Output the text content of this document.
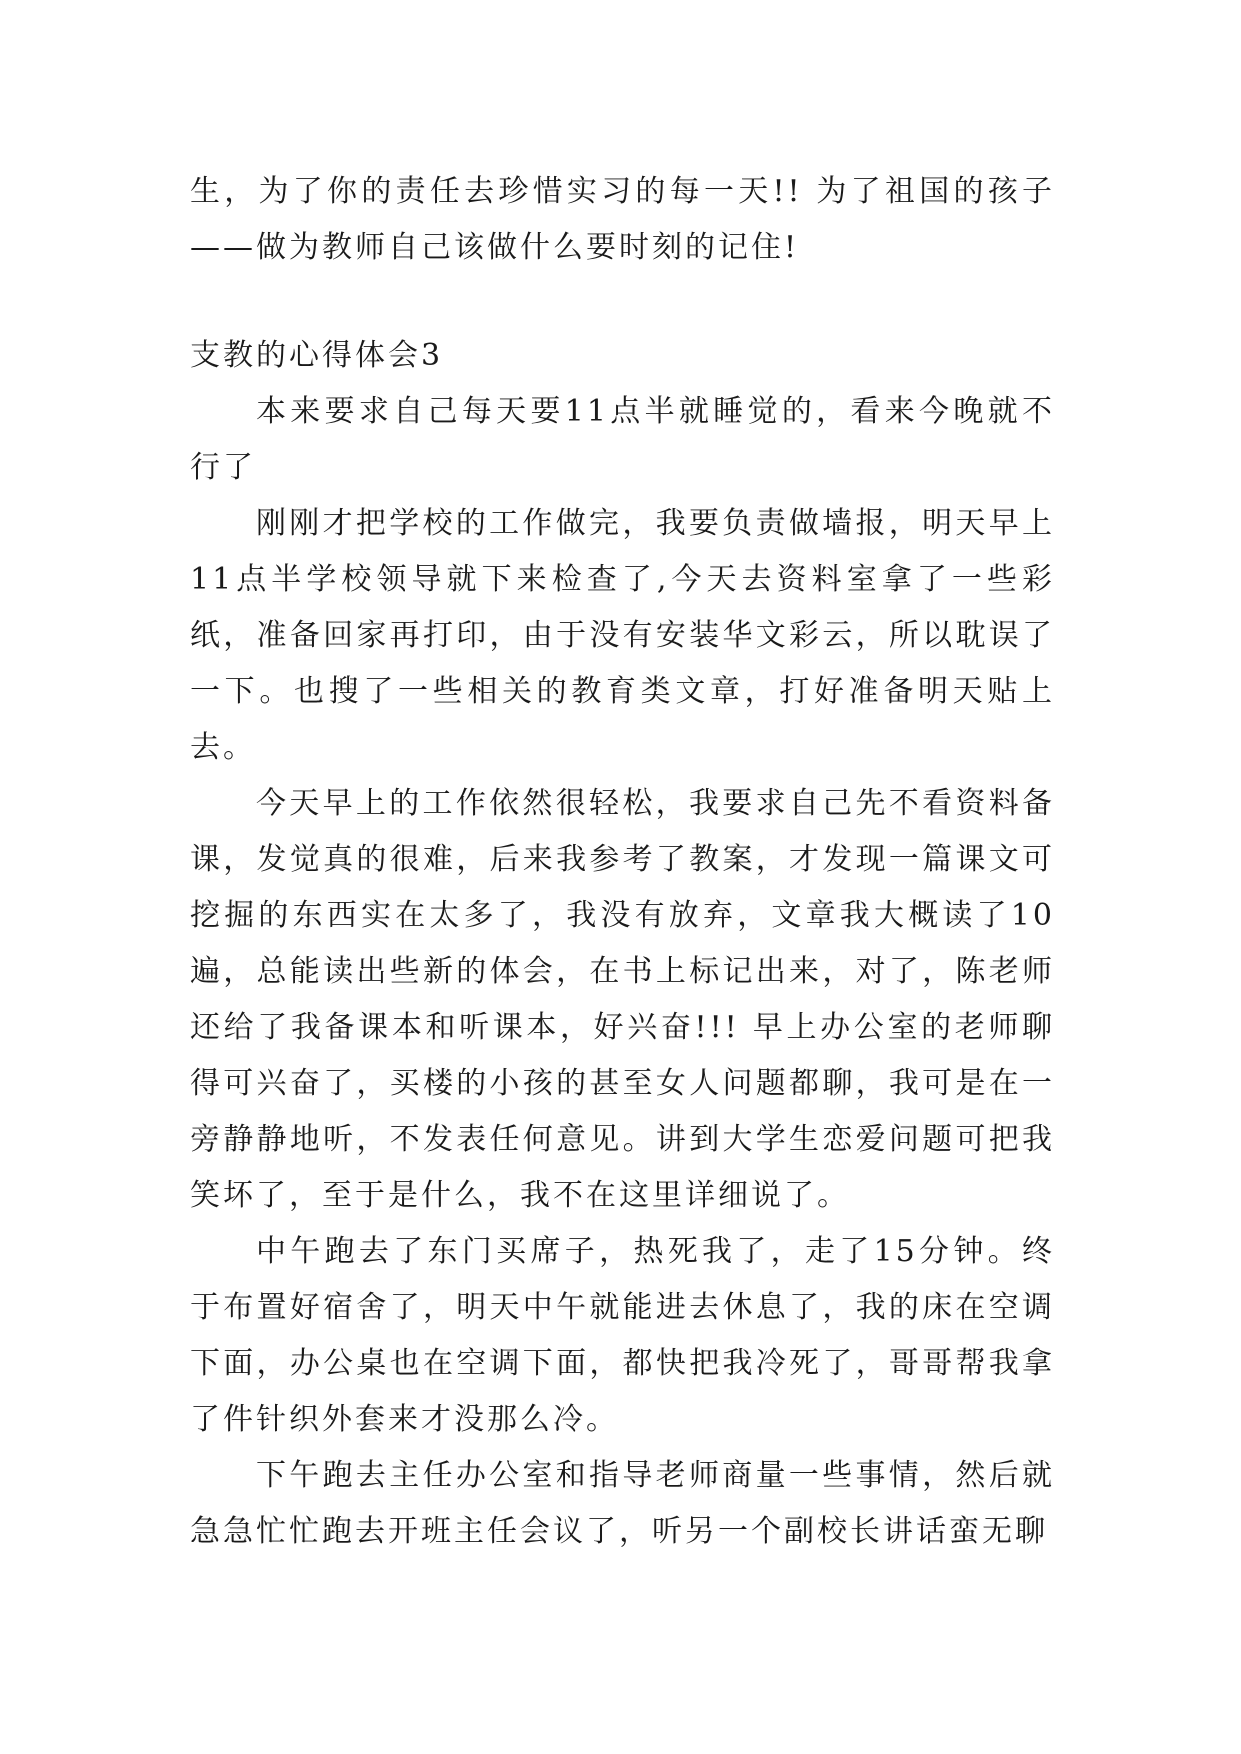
生，为了你的责任去珍惜实习的每一天!! 为了祖国的孩子——做为教师自己该做什么要时刻的记住!

支教的心得体会3

本来要求自己每天要11点半就睡觉的，看来今晚就不行了

刚刚才把学校的工作做完，我要负责做墙报，明天早上11点半学校领导就下来检查了,今天去资料室拿了一些彩纸，准备回家再打印，由于没有安装华文彩云，所以耽误了一下。也搜了一些相关的教育类文章，打好准备明天贴上去。

今天早上的工作依然很轻松，我要求自己先不看资料备课，发觉真的很难，后来我参考了教案，才发现一篇课文可挖掘的东西实在太多了，我没有放弃，文章我大概读了10遍，总能读出些新的体会，在书上标记出来，对了，陈老师还给了我备课本和听课本，好兴奋!!! 早上办公室的老师聊得可兴奋了，买楼的小孩的甚至女人问题都聊，我可是在一旁静静地听，不发表任何意见。讲到大学生恋爱问题可把我笑坏了，至于是什么，我不在这里详细说了。

中午跑去了东门买席子，热死我了，走了15分钟。终于布置好宿舍了，明天中午就能进去休息了，我的床在空调下面，办公桌也在空调下面，都快把我冷死了，哥哥帮我拿了件针织外套来才没那么冷。

下午跑去主任办公室和指导老师商量一些事情，然后就急急忙忙跑去开班主任会议了，听另一个副校长讲话蛮无聊
